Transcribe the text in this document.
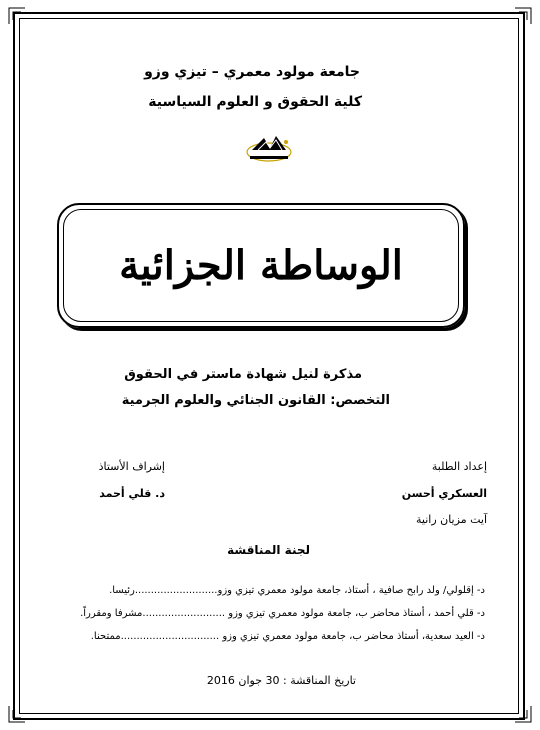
جامعة مولود معمري – تيزي وزو
كلية الحقوق و العلوم السياسية
الوساطة الجزائية
مذكرة لنيل شهادة ماستر في الحقوق
التخصص: القانون الجنائي والعلوم الجرمية
إعداد الطلبة
العسكري أحسن
آيت مزيان رانية
إشراف الأستاذ
د. قلي أحمد
لجنة المناقشة
د- إقلولي/ ولد رابح صافية ، أستاذ، جامعة مولود معمري تيزي وزو..........................رئيسا.
د- قلي أحمد ، أستاذ محاضر ب، جامعة مولود معمري تيزي وزو ..........................مشرفا ومقرراً.
د- العيد سعدية، أستاذ محاضر ب، جامعة مولود معمري تيزي وزو ...............................ممتحنا.
تاريخ المناقشة : 30 جوان 2016
